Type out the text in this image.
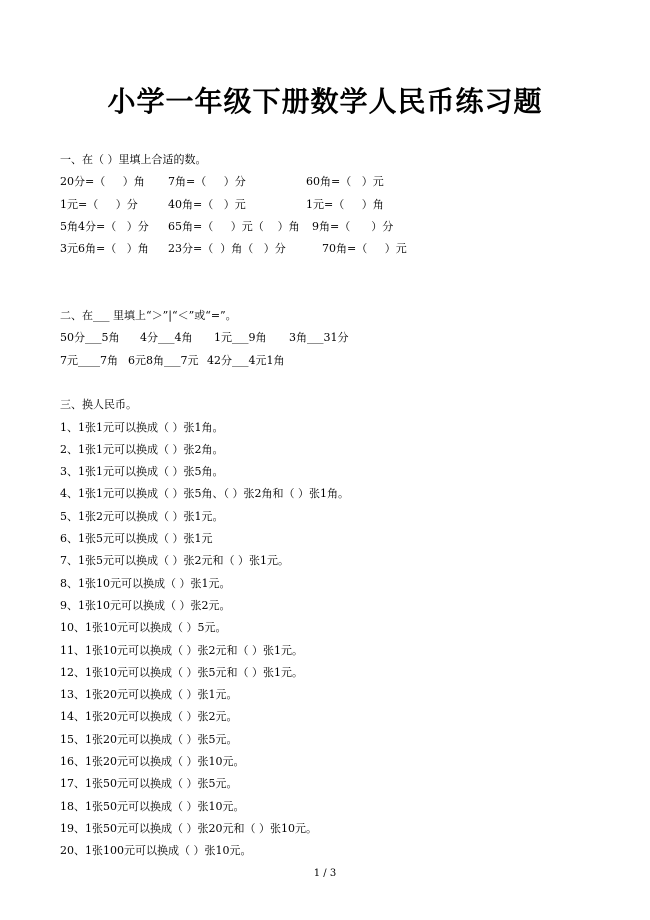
小学一年级下册数学人民币练习题
一、在（ ）里填上合适的数。
20分=（     ）角 7角=（     ）分	60角=（   ）元
1元=（     ）分	40角=（   ）元	1元=（     ）角
5角4分=（   ）分 65角=（     ）元（    ）角 9角=（      ）分
3元6角=（   ）角 23分=（  ）角（   ）分	70角=（     ）元
二、在___ 里填上“＞”|“＜”或“=”。
50分___5角 4分___4角 1元___9角 3角___31分
7元____7角 6元8角___7元 42分___4元1角
三、换人民币。
1、1张1元可以换成（ ）张1角。
2、1张1元可以换成（ ）张2角。
3、1张1元可以换成（ ）张5角。
4、1张1元可以换成（ ）张5角、（ ）张2角和（ ）张1角。
5、1张2元可以换成（ ）张1元。
6、1张5元可以换成（ ）张1元
7、1张5元可以换成（ ）张2元和（ ）张1元。
8、1张10元可以换成（ ）张1元。
9、1张10元可以换成（ ）张2元。
10、1张10元可以换成（ ）5元。
11、1张10元可以换成（ ）张2元和（ ）张1元。
12、1张10元可以换成（ ）张5元和（ ）张1元。
13、1张20元可以换成（ ）张1元。
14、1张20元可以换成（ ）张2元。
15、1张20元可以换成（ ）张5元。
16、1张20元可以换成（ ）张10元。
17、1张50元可以换成（ ）张5元。
18、1张50元可以换成（ ）张10元。
19、1张50元可以换成（ ）张20元和（ ）张10元。
20、1张100元可以换成（ ）张10元。
1 / 3
